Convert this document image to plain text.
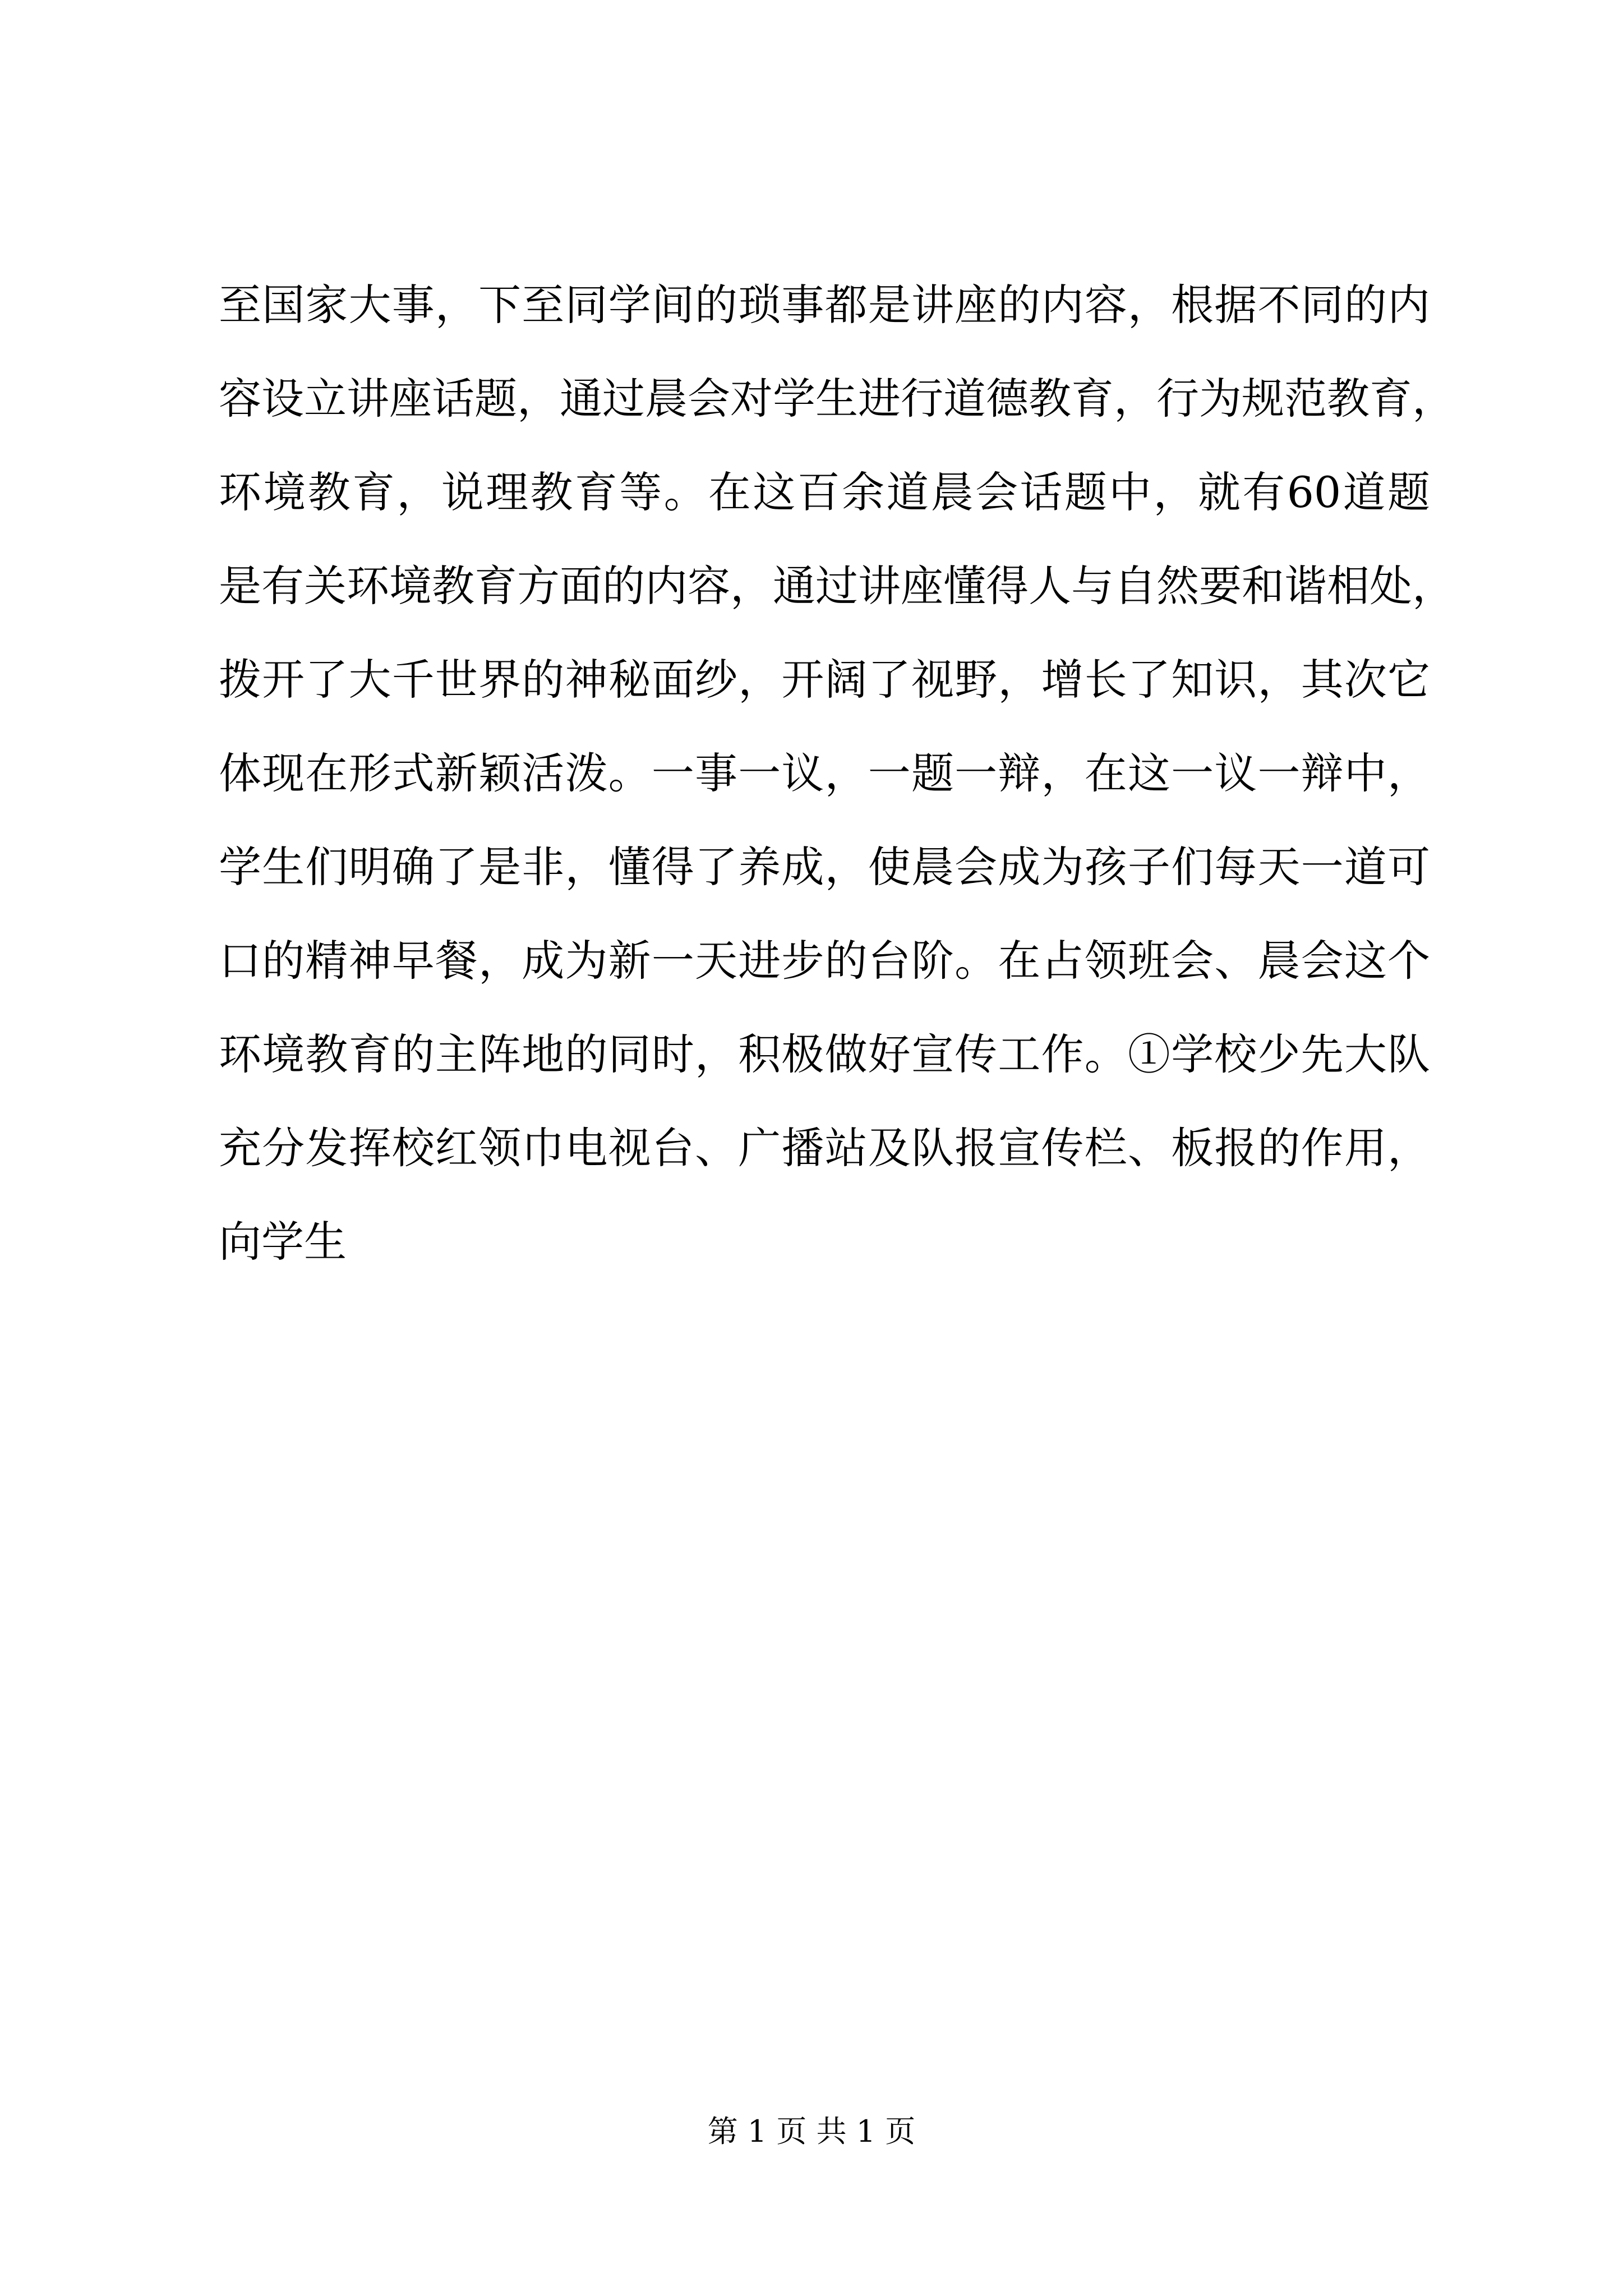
至国家大事，下至同学间的琐事都是讲座的内容，根据不同的内
容设立讲座话题，通过晨会对学生进行道德教育，行为规范教育，
环境教育，说理教育等。在这百余道晨会话题中，就有60道题
是有关环境教育方面的内容，通过讲座懂得人与自然要和谐相处，
拨开了大千世界的神秘面纱，开阔了视野，增长了知识，其次它
体现在形式新颖活泼。一事一议，一题一辩，在这一议一辩中，
学生们明确了是非，懂得了养成，使晨会成为孩子们每天一道可
口的精神早餐，成为新一天进步的台阶。在占领班会、晨会这个
环境教育的主阵地的同时，积极做好宣传工作。①学校少先大队
充分发挥校红领巾电视台、广播站及队报宣传栏、板报的作用，
向学生
第 1 页 共 1 页
